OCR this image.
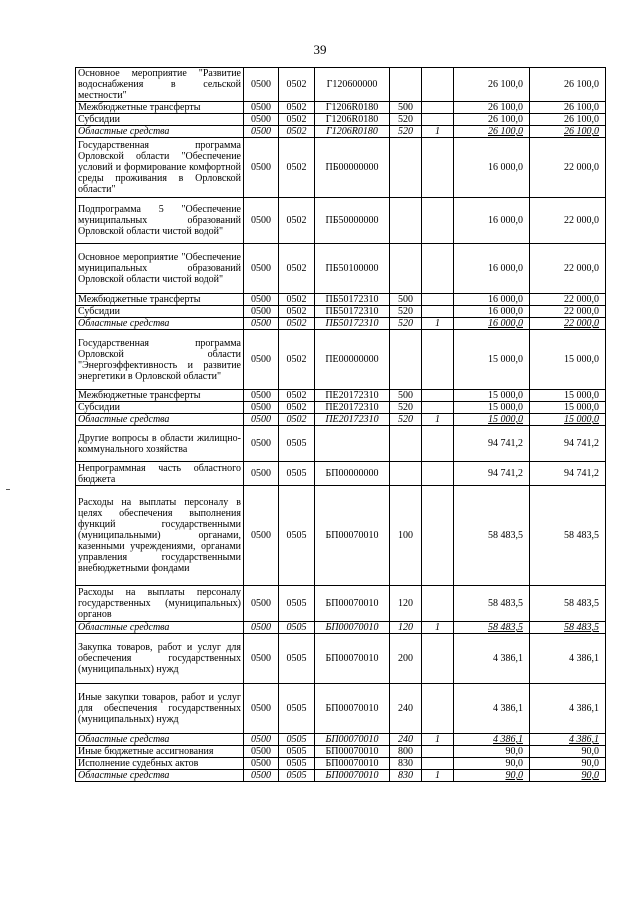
39
Основное мероприятие "Развитие водоснабжения в сельской местности"	0500	0502	Г120600000			26 100,0	26 100,0
Межбюджетные трансферты	0500	0502	Г1206R0180	500		26 100,0	26 100,0
Субсидии	0500	0502	Г1206R0180	520		26 100,0	26 100,0
Областные средства	0500	0502	Г1206R0180	520	1	26 100,0	26 100,0
Государственная программа Орловской области "Обеспечение условий и формирование комфортной среды проживания в Орловской области"	0500	0502	ПБ00000000			16 000,0	22 000,0
Подпрограмма 5 "Обеспечение муниципальных образований Орловской области чистой водой"	0500	0502	ПБ50000000			16 000,0	22 000,0
Основное мероприятие "Обеспечение муниципальных образований Орловской области чистой водой"	0500	0502	ПБ50100000			16 000,0	22 000,0
Межбюджетные трансферты	0500	0502	ПБ50172310	500		16 000,0	22 000,0
Субсидии	0500	0502	ПБ50172310	520		16 000,0	22 000,0
Областные средства	0500	0502	ПБ50172310	520	1	16 000,0	22 000,0
Государственная программа Орловской области "Энергоэффективность и развитие энергетики в Орловской области"	0500	0502	ПЕ00000000			15 000,0	15 000,0
Межбюджетные трансферты	0500	0502	ПЕ20172310	500		15 000,0	15 000,0
Субсидии	0500	0502	ПЕ20172310	520		15 000,0	15 000,0
Областные средства	0500	0502	ПЕ20172310	520	1	15 000,0	15 000,0
Другие вопросы в области жилищно-коммунального хозяйства	0500	0505				94 741,2	94 741,2
Непрограммная часть областного бюджета	0500	0505	БП00000000			94 741,2	94 741,2
Расходы на выплаты персоналу в целях обеспечения выполнения функций государственными (муниципальными) органами, казенными учреждениями, органами управления государственными внебюджетными фондами	0500	0505	БП00070010	100		58 483,5	58 483,5
Расходы на выплаты персоналу государственных (муниципальных) органов	0500	0505	БП00070010	120		58 483,5	58 483,5
Областные средства	0500	0505	БП00070010	120	1	58 483,5	58 483,5
Закупка товаров, работ и услуг для обеспечения государственных (муниципальных) нужд	0500	0505	БП00070010	200		4 386,1	4 386,1
Иные закупки товаров, работ и услуг для обеспечения государственных (муниципальных) нужд	0500	0505	БП00070010	240		4 386,1	4 386,1
Областные средства	0500	0505	БП00070010	240	1	4 386,1	4 386,1
Иные бюджетные ассигнования	0500	0505	БП00070010	800		90,0	90,0
Исполнение судебных актов	0500	0505	БП00070010	830		90,0	90,0
Областные средства	0500	0505	БП00070010	830	1	90,0	90,0
